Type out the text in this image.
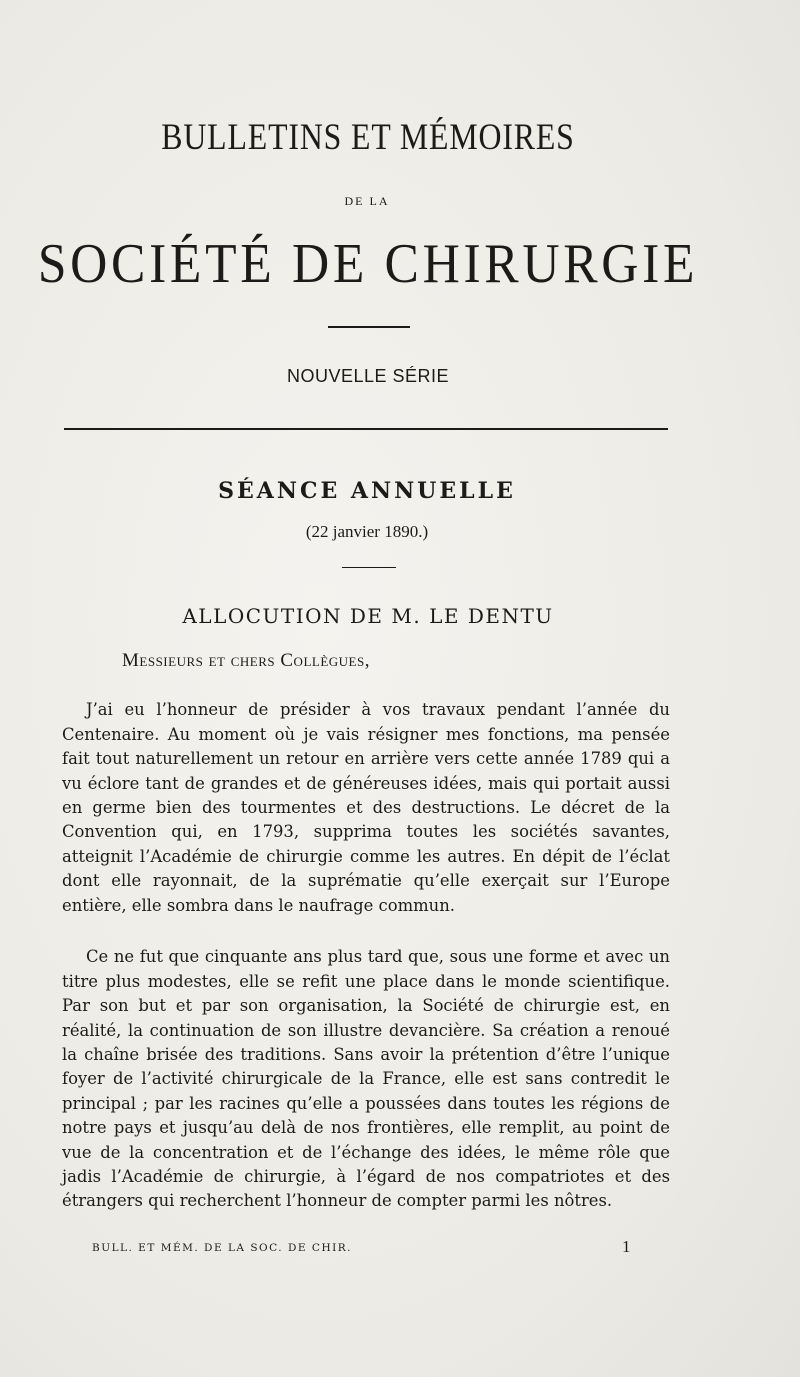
BULLETINS ET MÉMOIRES
DE LA
SOCIÉTÉ DE CHIRURGIE
NOUVELLE SÉRIE
SÉANCE ANNUELLE
(22 janvier 1890.)
ALLOCUTION DE M. LE DENTU
Messieurs et chers Collègues,

J’ai eu l’honneur de présider à vos travaux pendant l’année du Centenaire. Au moment où je vais résigner mes fonctions, ma pensée fait tout naturellement un retour en arrière vers cette année 1789 qui a vu éclore tant de grandes et de généreuses idées, mais qui portait aussi en germe bien des tourmentes et des destructions. Le décret de la Convention qui, en 1793, supprima toutes les sociétés savantes, atteignit l’Académie de chirurgie comme les autres. En dépit de l’éclat dont elle rayonnait, de la suprématie qu’elle exerçait sur l’Europe entière, elle sombra dans le naufrage commun.

Ce ne fut que cinquante ans plus tard que, sous une forme et avec un titre plus modestes, elle se refit une place dans le monde scientifique. Par son but et par son organisation, la Société de chirurgie est, en réalité, la continuation de son illustre devancière. Sa création a renoué la chaîne brisée des traditions. Sans avoir la prétention d’être l’unique foyer de l’activité chirurgicale de la France, elle est sans contredit le principal ; par les racines qu’elle a poussées dans toutes les régions de notre pays et jusqu’au delà de nos frontières, elle remplit, au point de vue de la concentration et de l’échange des idées, le même rôle que jadis l’Académie de chirurgie, à l’égard de nos compatriotes et des étrangers qui recherchent l’honneur de compter parmi les nôtres.

BULL. ET MÉM. DE LA SOC. DE CHIR.	1
